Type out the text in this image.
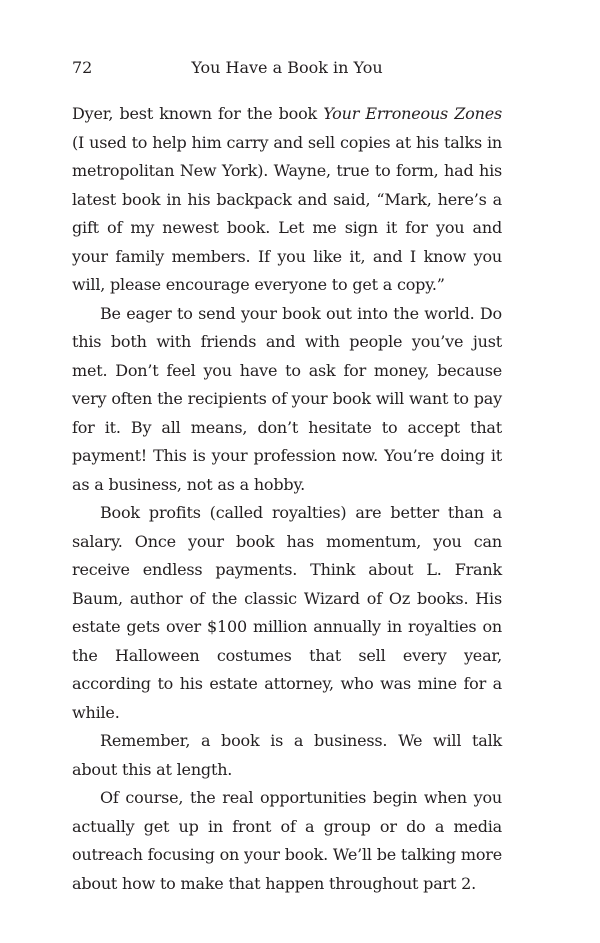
72	You Have a Book in You

Dyer, best known for the book Your Erroneous Zones (I used to help him carry and sell copies at his talks in metropolitan New York). Wayne, true to form, had his latest book in his backpack and said, “Mark, here’s a gift of my newest book. Let me sign it for you and your family members. If you like it, and I know you will, please encourage everyone to get a copy.”

Be eager to send your book out into the world. Do this both with friends and with people you’ve just met. Don’t feel you have to ask for money, because very often the recipients of your book will want to pay for it. By all means, don’t hesitate to accept that payment! This is your profession now. You’re doing it as a business, not as a hobby.

Book profits (called royalties) are better than a salary. Once your book has momentum, you can receive endless payments. Think about L. Frank Baum, author of the classic Wizard of Oz books. His estate gets over $100 million annually in royalties on the Halloween costumes that sell every year, according to his estate attorney, who was mine for a while.

Remember, a book is a business. We will talk about this at length.

Of course, the real opportunities begin when you actually get up in front of a group or do a media outreach focusing on your book. We’ll be talking more about how to make that happen throughout part 2.
